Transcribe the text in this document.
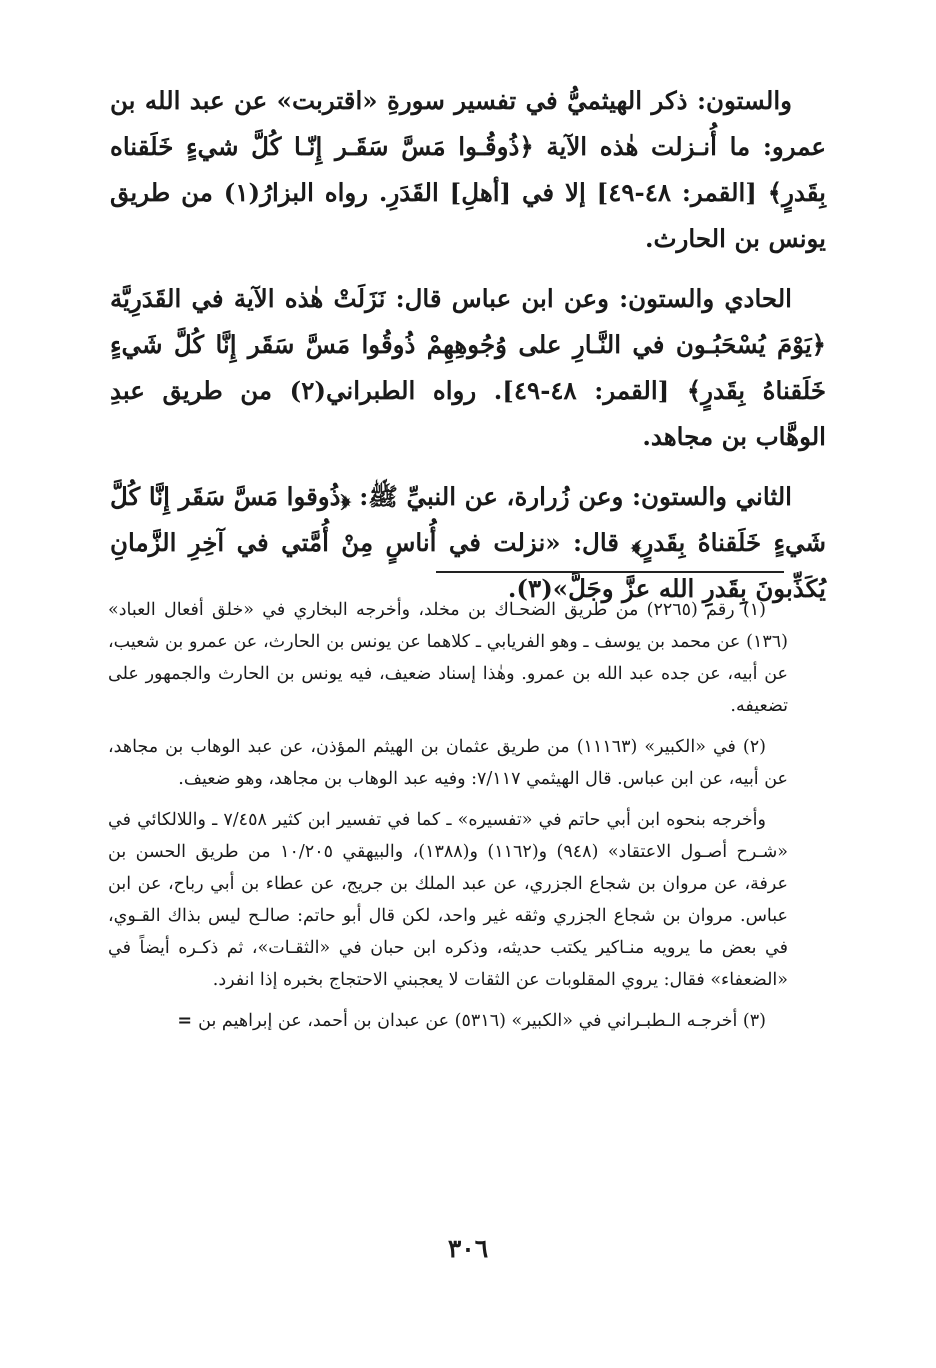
والستون: ذكر الهيثميُّ في تفسير سورةِ «اقتربت» عن عبد الله بن عمرو: ما أُنـزلت هٰذه الآية ﴿ذُوقُـوا مَسَّ سَقَـر إِنّـا كُلَّ شيءٍ خَلَقناه بِقَدرٍ﴾ [القمر: ٤٨-٤٩] إلا في [أهلِ] القَدَرِ. رواه البزارُ(١) من طريق يونس بن الحارث.

الحادي والستون: وعن ابن عباس قال: نَزَلَتْ هٰذه الآية في القَدَرِيَّة ﴿يَوْمَ يُسْحَبُـون في النَّـارِ على وُجُوهِهِمْ ذُوقُوا مَسَّ سَقَر إِنَّا كُلَّ شَيءٍ خَلَقناهُ بِقَدرٍ﴾ [القمر: ٤٨-٤٩]. رواه الطبراني(٢) من طريق عبدِ الوهَّاب بن مجاهد.

الثاني والستون: وعن زُرارة، عن النبيِّ ﷺ: ﴿ذُوقوا مَسَّ سَقَر إِنَّا كُلَّ شَيءٍ خَلَقناهُ بِقَدرٍ﴾ قال: «نزلت في أُناسٍ مِنْ أُمَّتي في آخِرِ الزَّمانِ يُكَذِّبونَ بِقَدرِ الله عزَّ وجَلَّ»(٣).

(١) رقم (٢٢٦٥) من طريق الضحـاك بن مخلد، وأخرجه البخاري في «خلق أفعال العباد» (١٣٦) عن محمد بن يوسف ـ وهو الفريابي ـ كلاهما عن يونس بن الحارث، عن عمرو بن شعيب، عن أبيه، عن جده عبد الله بن عمرو. وهٰذا إسناد ضعيف، فيه يونس بن الحارث والجمهور على تضعيفه.

(٢) في «الكبير» (١١١٦٣) من طريق عثمان بن الهيثم المؤذن، عن عبد الوهاب بن مجاهد، عن أبيه، عن ابن عباس. قال الهيثمي ٧/١١٧: وفيه عبد الوهاب بن مجاهد، وهو ضعيف.

وأخرجه بنحوه ابن أبي حاتم في «تفسيره» ـ كما في تفسير ابن كثير ٧/٤٥٨ ـ واللالكائي في «شـرح أصـول الاعتقاد» (٩٤٨) و(١١٦٢) و(١٣٨٨)، والبيهقي ١٠/٢٠٥ من طريق الحسن بن عرفة، عن مروان بن شجاع الجزري، عن عبد الملك بن جريج، عن عطاء بن أبي رباح، عن ابن عباس. مروان بن شجاع الجزري وثقه غير واحد، لكن قال أبو حاتم: صالـح ليس بذاك القـوي، في بعض ما يرويه منـاكير يكتب حديثه، وذكره ابن حبان في «الثقـات»، ثم ذكـره أيضاً في «الضعفاء» فقال: يروي المقلوبات عن الثقات لا يعجبني الاحتجاج بخبره إذا انفرد.

(٣) أخرجـه الـطبـراني في «الكبير» (٥٣١٦) عن عبدان بن أحمد، عن إبراهيم بن =

٣٠٦
